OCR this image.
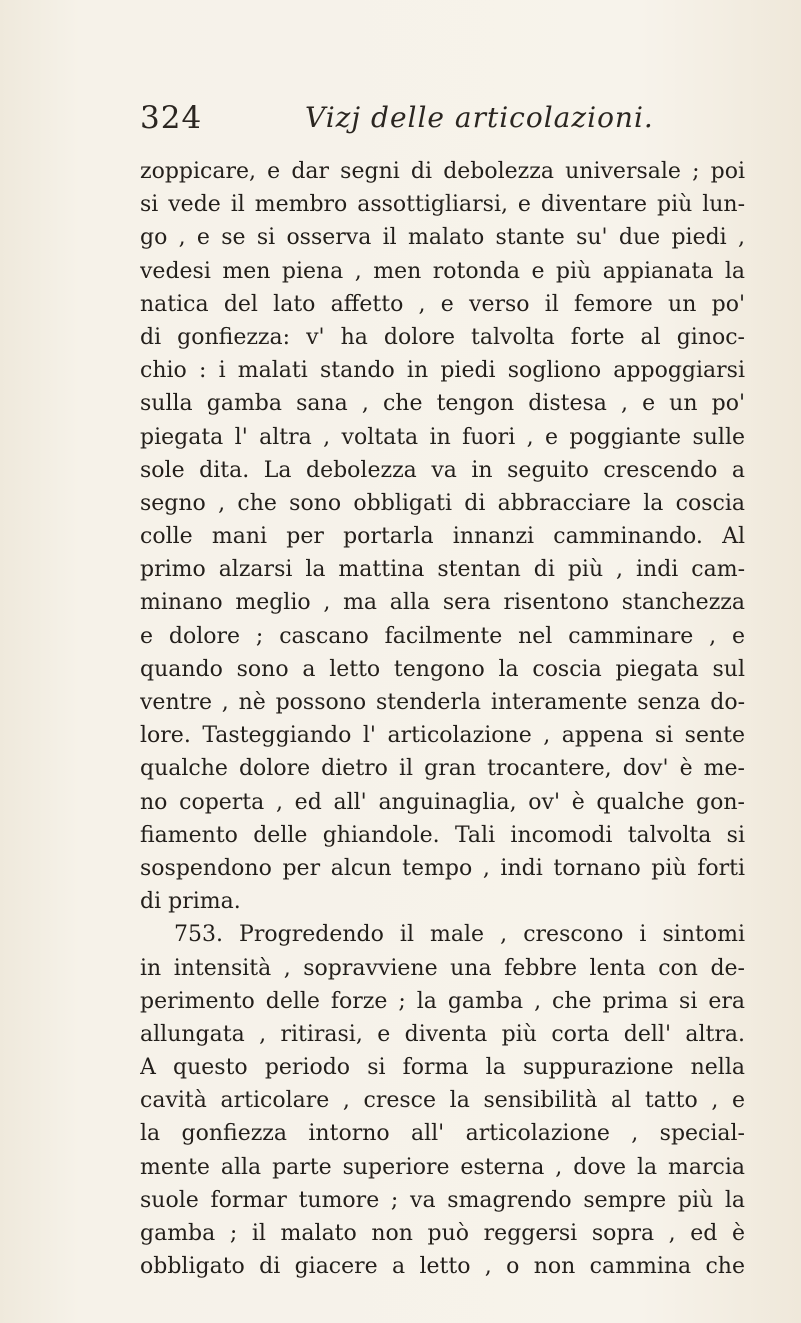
324	Vizj delle articolazioni.
zoppicare, e dar segni di debolezza universale ; poi
si vede il membro assottigliarsi, e diventare più lun-
go , e se si osserva il malato stante su' due piedi ,
vedesi men piena , men rotonda e più appianata la
natica del lato affetto , e verso il femore un po'
di gonfiezza: v' ha dolore talvolta forte al ginoc-
chio : i malati stando in piedi sogliono appoggiarsi
sulla gamba sana , che tengon distesa , e un po'
piegata l' altra , voltata in fuori , e poggiante sulle
sole dita. La debolezza va in seguito crescendo a
segno , che sono obbligati di abbracciare la coscia
colle mani per portarla innanzi camminando. Al
primo alzarsi la mattina stentan di più , indi cam-
minano meglio , ma alla sera risentono stanchezza
e dolore ; cascano facilmente nel camminare , e
quando sono a letto tengono la coscia piegata sul
ventre , nè possono stenderla interamente senza do-
lore. Tasteggiando l' articolazione , appena si sente
qualche dolore dietro il gran trocantere, dov' è me-
no coperta , ed all' anguinaglia, ov' è qualche gon-
fiamento delle ghiandole. Tali incomodi talvolta si
sospendono per alcun tempo , indi tornano più forti
di prima.
753. Progredendo il male , crescono i sintomi
in intensità , sopravviene una febbre lenta con de-
perimento delle forze ; la gamba , che prima si era
allungata , ritirasi, e diventa più corta dell' altra.
A questo periodo si forma la suppurazione nella
cavità articolare , cresce la sensibilità al tatto , e
la gonfiezza intorno all' articolazione , special-
mente alla parte superiore esterna , dove la marcia
suole formar tumore ; va smagrendo sempre più la
gamba ; il malato non può reggersi sopra , ed è
obbligato di giacere a letto , o non cammina che
